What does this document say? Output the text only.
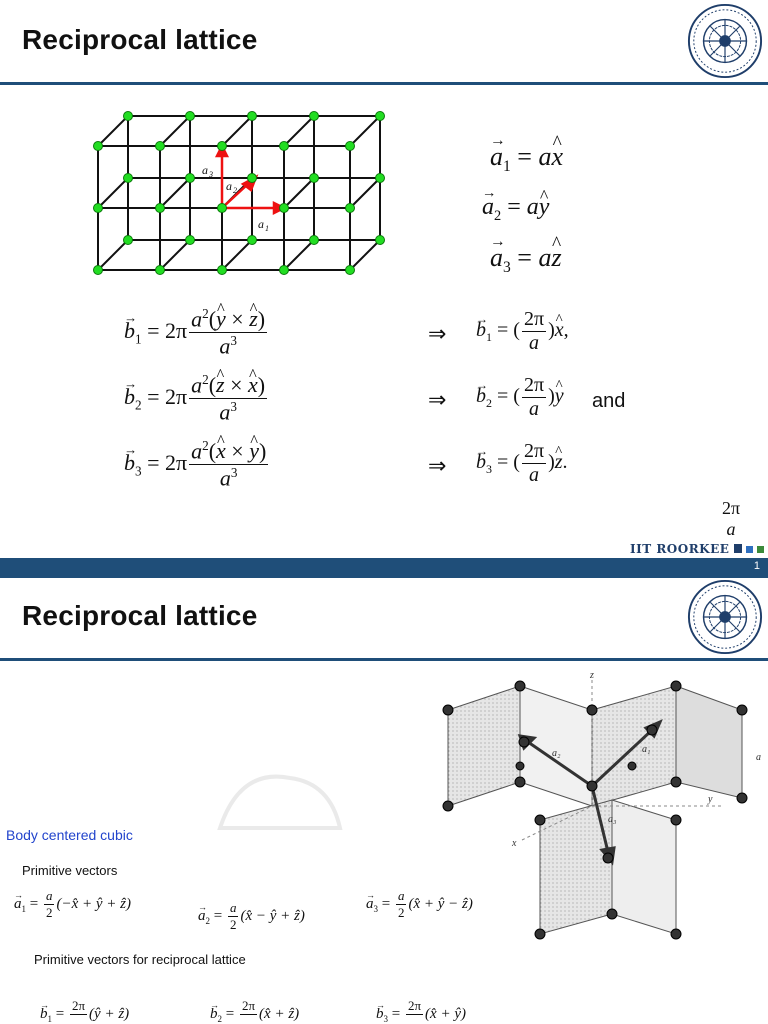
Reciprocal lattice
a 3
a 2
a 1
→ $a_1$ = a^ x
→ $a_2$ = a^ y
→ $a_3$ = a^ z
→ $b_1 = 2\pi \frac{a^2(\^{} y \times \^{} z)}{a^3}$	⇒ → $b_1$ = ( $\frac{2\pi}{a}$ )^ x,
→ $b_2 = 2\pi \frac{a^2(\^{} z \times \^{} x)}{a^3}$	⇒ → $b_2$ = ( $\frac{2\pi}{a}$ )^ y and
→ $b_3 = 2\pi \frac{a^2(\^{} x \times \^{} y)}{a^3}$	⇒ → $b_3$ = ( $\frac{2\pi}{a}$ )^ z.
2π
a
IIT ROORKEE
1
Reciprocal lattice
z
x
y
a
a₁
a₂
a₃
Body centered cubic
Primitive vectors
→ $a_1 = \frac{a}{2}$ (−x̂ + ŷ + ẑ)
→ $a_2 = \frac{a}{2}$ (x̂ − ŷ + ẑ)
→ $a_3 = \frac{a}{2}$ (x̂ + ŷ − ẑ)
Primitive vectors for reciprocal lattice
→ $b_1$ =
2π

(ŷ + ẑ)	→ $b_2$ =
2π

(x̂ + ẑ)	→ $b_3$ =
2π

(x̂ + ŷ)
